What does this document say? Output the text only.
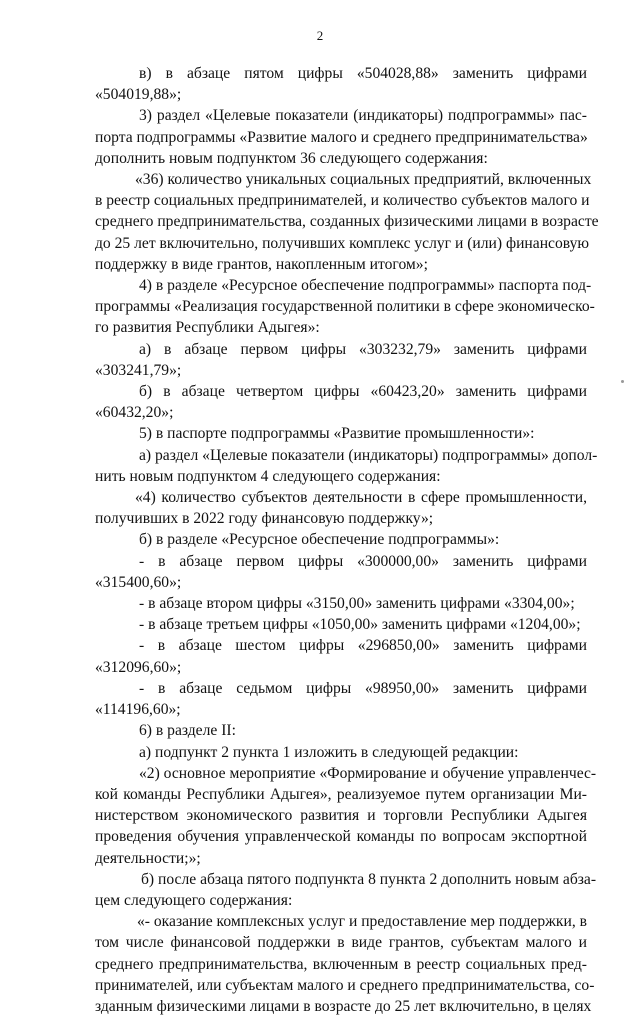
2
в) в абзаце пятом цифры «504028,88» заменить цифрами
«504019,88»;
3) раздел «Целевые показатели (индикаторы) подпрограммы» пас-
порта подпрограммы «Развитие малого и среднего предпринимательства»
дополнить новым подпунктом 36 следующего содержания:
«36) количество уникальных социальных предприятий, включенных
в реестр социальных предпринимателей, и количество субъектов малого и
среднего предпринимательства, созданных физическими лицами в возрасте
до 25 лет включительно, получивших комплекс услуг и (или) финансовую
поддержку в виде грантов, накопленным итогом»;
4) в разделе «Ресурсное обеспечение подпрограммы» паспорта под-
программы «Реализация государственной политики в сфере экономическо-
го развития Республики Адыгея»:
а) в абзаце первом цифры «303232,79» заменить цифрами
«303241,79»;
б) в абзаце четвертом цифры «60423,20» заменить цифрами
«60432,20»;
5) в паспорте подпрограммы «Развитие промышленности»:
а) раздел «Целевые показатели (индикаторы) подпрограммы» допол-
нить новым подпунктом 4 следующего содержания:
«4) количество субъектов деятельности в сфере промышленности,
получивших в 2022 году финансовую поддержку»;
б) в разделе «Ресурсное обеспечение подпрограммы»:
- в абзаце первом цифры «300000,00» заменить цифрами
«315400,60»;
- в абзаце втором цифры «3150,00» заменить цифрами «3304,00»;
- в абзаце третьем цифры «1050,00» заменить цифрами «1204,00»;
- в абзаце шестом цифры «296850,00» заменить цифрами
«312096,60»;
- в абзаце седьмом цифры «98950,00» заменить цифрами
«114196,60»;
6) в разделе II:
а) подпункт 2 пункта 1 изложить в следующей редакции:
«2) основное мероприятие «Формирование и обучение управленчес-
кой команды Республики Адыгея», реализуемое путем организации Ми-
нистерством экономического развития и торговли Республики Адыгея
проведения обучения управленческой команды по вопросам экспортной
деятельности;»;
б) после абзаца пятого подпункта 8 пункта 2 дополнить новым абза-
цем следующего содержания:
«- оказание комплексных услуг и предоставление мер поддержки, в
том числе финансовой поддержки в виде грантов, субъектам малого и
среднего предпринимательства, включенным в реестр социальных пред-
принимателей, или субъектам малого и среднего предпринимательства, со-
зданным физическими лицами в возрасте до 25 лет включительно, в целях
